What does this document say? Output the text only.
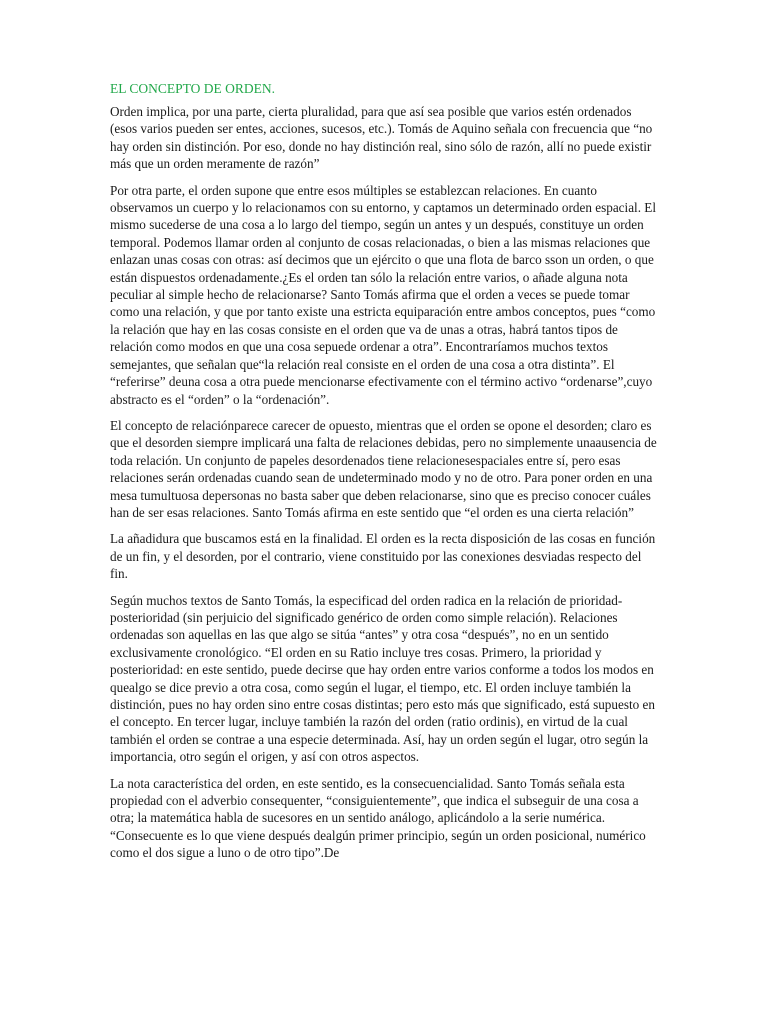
EL CONCEPTO DE ORDEN.

Orden implica, por una parte, cierta pluralidad, para que así sea posible que varios estén ordenados (esos varios pueden ser entes, acciones, sucesos, etc.). Tomás de Aquino señala con frecuencia que “no hay orden sin distinción. Por eso, donde no hay distinción real, sino sólo de razón, allí no puede existir más que un orden meramente de razón”

Por otra parte, el orden supone que entre esos múltiples se establezcan relaciones. En cuanto observamos un cuerpo y lo relacionamos con su entorno, y captamos un determinado orden espacial. El mismo sucederse de una cosa a lo largo del tiempo, según un antes y un después, constituye un orden temporal. Podemos llamar orden al conjunto de cosas relacionadas, o bien a las mismas relaciones que enlazan unas cosas con otras: así decimos que un ejército o que una flota de barco sson un orden, o que están dispuestos ordenadamente.¿Es el orden tan sólo la relación entre varios, o añade alguna nota peculiar al simple hecho de relacionarse? Santo Tomás afirma que el orden a veces se puede tomar como una relación, y que por tanto existe una estricta equiparación entre ambos conceptos, pues “como la relación que hay en las cosas consiste en el orden que va de unas a otras, habrá tantos tipos de relación como modos en que una cosa sepuede ordenar a otra”. Encontraríamos muchos textos semejantes, que señalan que“la relación real consiste en el orden de una cosa a otra distinta”. El “referirse” deuna cosa a otra puede mencionarse efectivamente con el término activo “ordenarse”,cuyo abstracto es el “orden” o la “ordenación”.

El concepto de relaciónparece carecer de opuesto, mientras que el orden se opone el desorden; claro es que el desorden siempre implicará una falta de relaciones debidas, pero no simplemente unaausencia de toda relación. Un conjunto de papeles desordenados tiene relacionesespaciales entre sí, pero esas relaciones serán ordenadas cuando sean de undeterminado modo y no de otro. Para poner orden en una mesa tumultuosa depersonas no basta saber que deben relacionarse, sino que es preciso conocer cuáles han de ser esas relaciones. Santo Tomás afirma en este sentido que “el orden es una cierta relación”

La añadidura que buscamos está en la finalidad. El orden es la recta disposición de las cosas en función de un fin, y el desorden, por el contrario, viene constituido por las conexiones desviadas respecto del fin.

Según muchos textos de Santo Tomás, la especificad del orden radica en la relación de prioridad-posterioridad (sin perjuicio del significado genérico de orden como simple relación). Relaciones ordenadas son aquellas en las que algo se sitúa “antes” y otra cosa “después”, no en un sentido exclusivamente cronológico. “El orden en su Ratio incluye tres cosas. Primero, la prioridad y posterioridad: en este sentido, puede decirse que hay orden entre varios conforme a todos los modos en quealgo se dice previo a otra cosa, como según el lugar, el tiempo, etc. El orden incluye también la distinción, pues no hay orden sino entre cosas distintas; pero esto más que significado, está supuesto en el concepto. En tercer lugar, incluye también la razón del orden (ratio ordinis), en virtud de la cual también el orden se contrae a una especie determinada. Así, hay un orden según el lugar, otro según la importancia, otro según el origen, y así con otros aspectos.

La nota característica del orden, en este sentido, es la consecuencialidad. Santo Tomás señala esta propiedad con el adverbio consequenter, “consiguientemente”, que indica el subseguir de una cosa a otra; la matemática habla de sucesores en un sentido análogo, aplicándolo a la serie numérica. “Consecuente es lo que viene después dealgún primer principio, según un orden posicional, numérico como el dos sigue a luno o de otro tipo”.De
